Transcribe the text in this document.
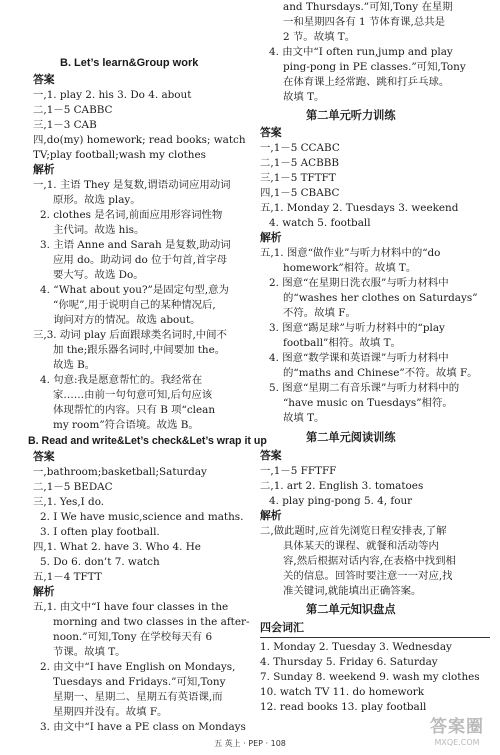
B. Let’s learn&Group work
答案
一,1. play 2. his 3. Do 4. about
二,1－5 CABBC
三,1－3 CAB
四,do(my) homework; read books; watch
TV;play football;wash my clothes
解析
一,1. 主语 They 是复数,谓语动词应用动词
原形。故选 play。
2. clothes 是名词,前面应用形容词性物
主代词。故选 his。
3. 主语 Anne and Sarah 是复数,助动词
应用 do。助动词 do 位于句首,首字母
要大写。故选 Do。
4. “What about you?”是固定句型,意为
“你呢”,用于说明自己的某种情况后,
询问对方的情况。故选 about。
三,3. 动词 play 后面跟球类名词时,中间不
加 the;跟乐器名词时,中间要加 the。
故选 B。
4. 句意:我是愿意帮忙的。我经常在
家……由前一句句意可知,后句应该
体现帮忙的内容。只有 B 项“clean
my room”符合语境。故选 B。
B. Read and write&Let’s check&Let’s wrap it up
答案
一,bathroom;basketball;Saturday
二,1－5 BEDAC
三,1. Yes,I do.
2. I We have music,science and maths.
3. I often play football.
四,1. What 2. have 3. Who 4. He
5. Do 6. don’t 7. watch
五,1－4 TFTT
解析
五,1. 由文中“I have four classes in the
morning and two classes in the after-
noon.”可知,Tony 在学校每天有 6
节课。故填 T。
2. 由文中“I have English on Mondays,
Tuesdays and Fridays.”可知,Tony
星期一、星期二、星期五有英语课,而
星期四并没有。故填 F。
3. 由文中“I have a PE class on Mondays
and Thursdays.”可知,Tony 在星期
一和星期四各有 1 节体育课,总共是
2 节。故填 T。
4. 由文中“I often run,jump and play
ping-pong in PE classes.”可知,Tony
在体育课上经常跑、跳和打乒乓球。
故填 T。
第二单元听力训练
答案
一,1－5 CCABC
二,1－5 ACBBB
三,1－5 TFTFT
四,1－5 CBABC
五,1. Monday 2. Tuesdays 3. weekend
4. watch 5. football
解析
五,1. 图意“做作业”与听力材料中的“do
homework”相符。故填 T。
2. 图意“在星期日洗衣服”与听力材料中
的“washes her clothes on Saturdays”
不符。故填 F。
3. 图意“踢足球”与听力材料中的“play
football”相符。故填 T。
4. 图意“数学课和英语课”与听力材料中
的“maths and Chinese”不符。故填 F。
5. 图意“星期二有音乐课”与听力材料中的
“have music on Tuesdays”相符。
故填 T。
第二单元阅读训练
答案
一,1－5 FFTFF
二,1. art 2. English 3. tomatoes
4. play ping-pong 5. 4, four
解析
二,做此题时,应首先浏览日程安排表,了解
具体某天的课程、就餐和活动等内
容,然后根据对话内容,在表格中找到相
关的信息。回答时要注意一一对应,找
准关键词,就能填出正确答案。
第二单元知识盘点
四会词汇
1. Monday 2. Tuesday 3. Wednesday
4. Thursday 5. Friday 6. Saturday
7. Sunday 8. weekend 9. wash my clothes
10. watch TV 11. do homework
12. read books 13. play football
五 英上 · PEP · 108
答案圈
MXQE.COM
